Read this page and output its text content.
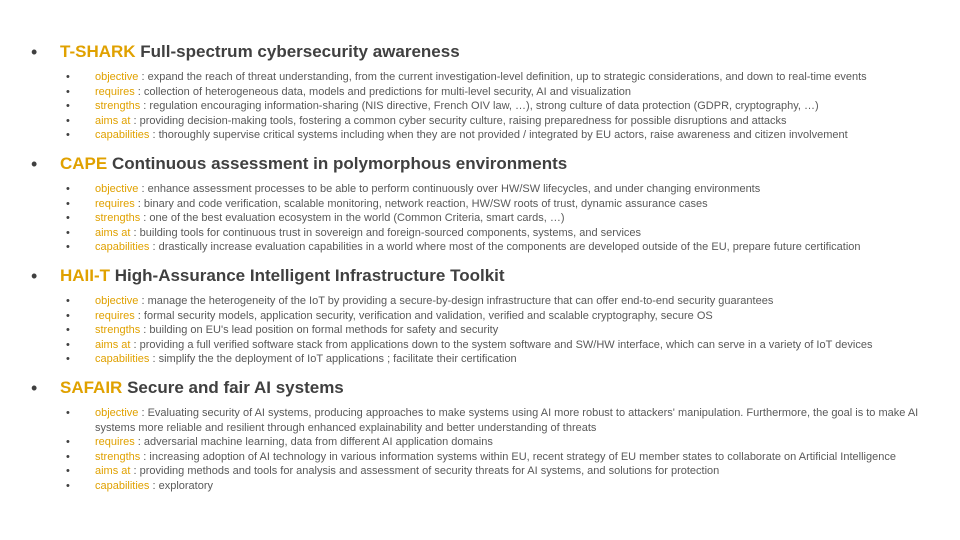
• T-SHARK Full-spectrum cybersecurity awareness
• objective : expand the reach of threat understanding, from the current investigation-level definition, up to strategic considerations, and down to real-time events
• requires : collection of heterogeneous data, models and predictions for multi-level security, AI and visualization
• strengths : regulation encouraging information-sharing (NIS directive, French OIV law, …), strong culture of data protection (GDPR, cryptography, …)
• aims at : providing decision-making tools, fostering a common cyber security culture, raising preparedness for possible disruptions and attacks
• capabilities : thoroughly supervise critical systems including when they are not provided / integrated by EU actors, raise awareness and citizen involvement
• CAPE Continuous assessment in polymorphous environments
• objective : enhance assessment processes to be able to perform continuously over HW/SW lifecycles, and under changing environments
• requires : binary and code verification, scalable monitoring, network reaction, HW/SW roots of trust, dynamic assurance cases
• strengths : one of the best evaluation ecosystem in the world (Common Criteria, smart cards, …)
• aims at : building tools for continuous trust in sovereign and foreign-sourced components, systems, and services
• capabilities : drastically increase evaluation capabilities in a world where most of the components are developed outside of the EU, prepare future certification
• HAII-T High-Assurance Intelligent Infrastructure Toolkit
• objective : manage the heterogeneity of the IoT by providing a secure-by-design infrastructure that can offer end-to-end security guarantees
• requires : formal security models, application security, verification and validation, verified and scalable cryptography, secure OS
• strengths : building on EU's lead position on formal methods for safety and security
• aims at : providing a full verified software stack from applications down to the system software and SW/HW interface, which can serve in a variety of IoT devices
• capabilities : simplify the the deployment of IoT applications ; facilitate their certification
• SAFAIR Secure and fair AI systems
• objective : Evaluating security of AI systems, producing approaches to make systems using AI more robust to attackers' manipulation. Furthermore, the goal is to make AI systems more reliable and resilient through enhanced explainability and better understanding of threats
• requires : adversarial machine learning, data from different AI application domains
• strengths : increasing adoption of AI technology in various information systems within EU, recent strategy of EU member states to collaborate on Artificial Intelligence
• aims at : providing methods and tools for analysis and assessment of security threats for AI systems, and solutions for protection
• capabilities : exploratory
